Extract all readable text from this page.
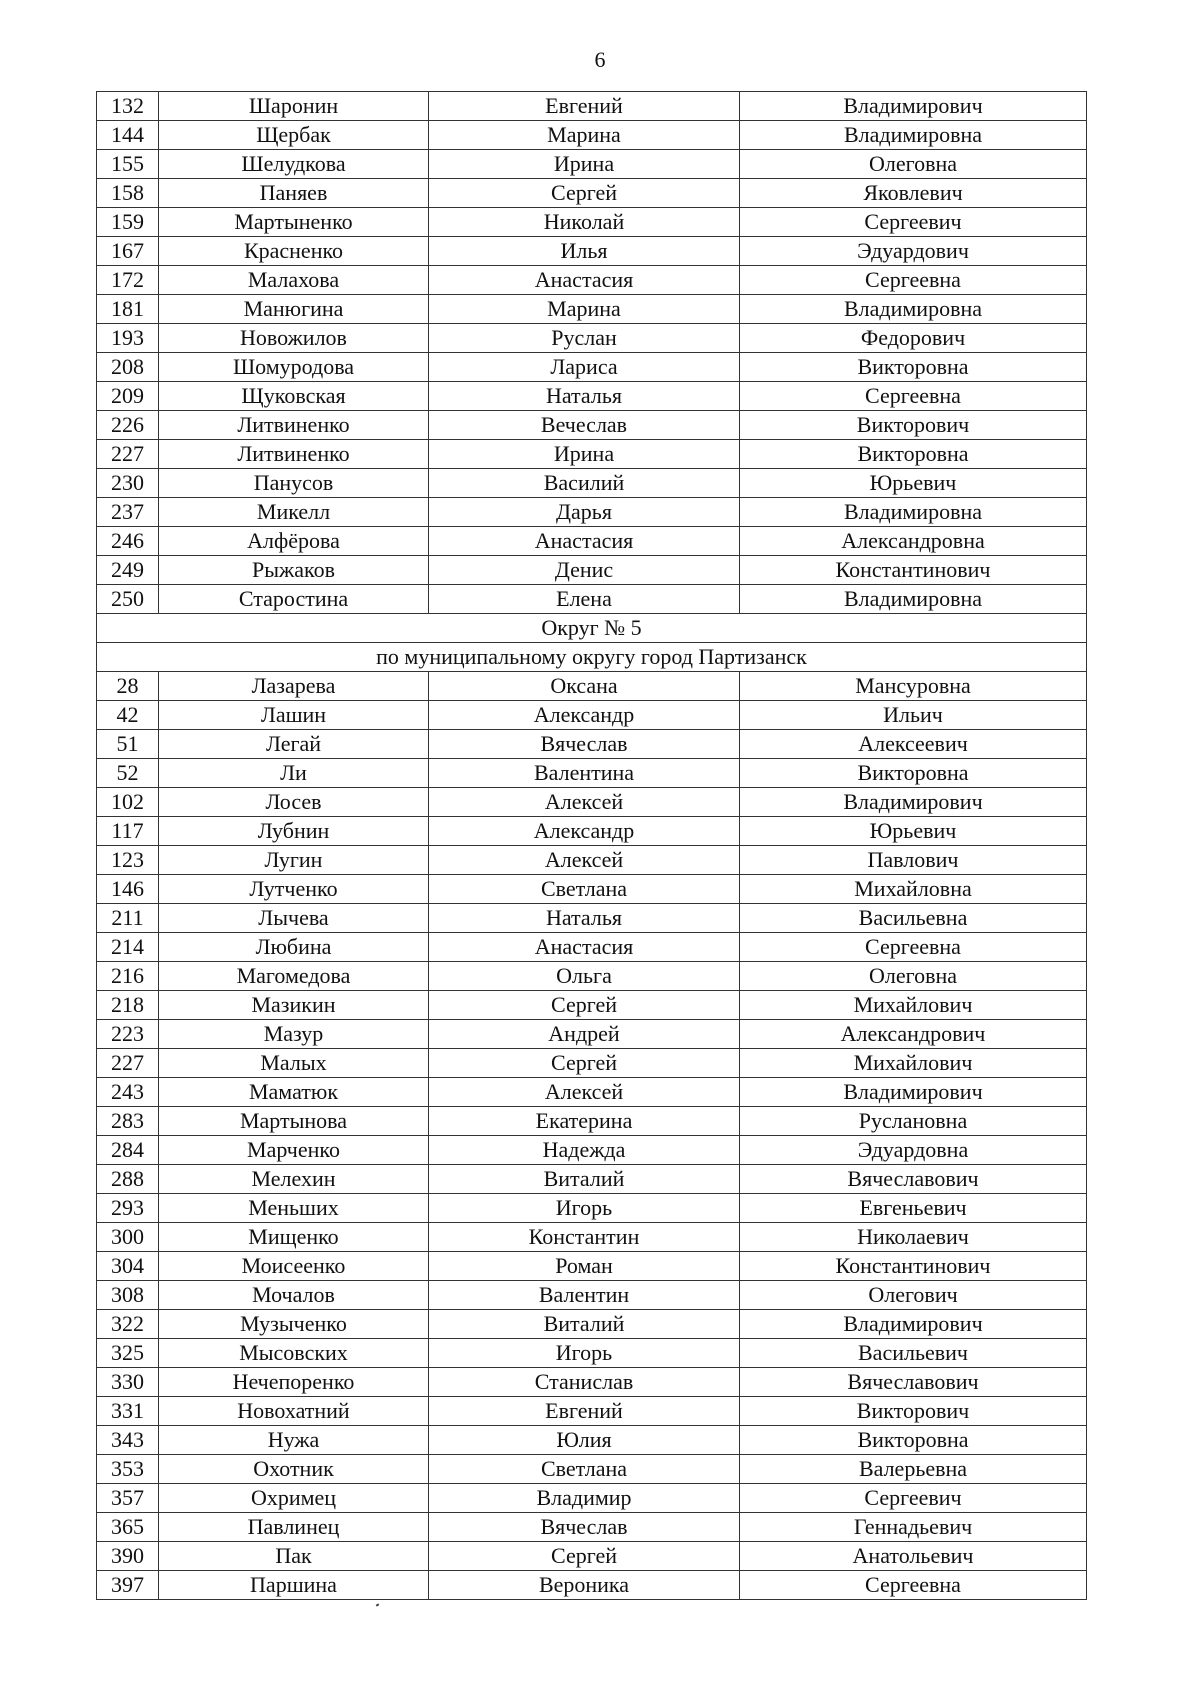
6
132	Шаронин	Евгений	Владимирович
144	Щербак	Марина	Владимировна
155	Шелудкова	Ирина	Олеговна
158	Паняев	Сергей	Яковлевич
159	Мартыненко	Николай	Сергеевич
167	Красненко	Илья	Эдуардович
172	Малахова	Анастасия	Сергеевна
181	Манюгина	Марина	Владимировна
193	Новожилов	Руслан	Федорович
208	Шомуродова	Лариса	Викторовна
209	Щуковская	Наталья	Сергеевна
226	Литвиненко	Вечеслав	Викторович
227	Литвиненко	Ирина	Викторовна
230	Панусов	Василий	Юрьевич
237	Микелл	Дарья	Владимировна
246	Алфёрова	Анастасия	Александровна
249	Рыжаков	Денис	Константинович
250	Старостина	Елена	Владимировна
Округ № 5			
по муниципальному округу город Партизанск			
28	Лазарева	Оксана	Мансуровна
42	Лашин	Александр	Ильич
51	Легай	Вячеслав	Алексеевич
52	Ли	Валентина	Викторовна
102	Лосев	Алексей	Владимирович
117	Лубнин	Александр	Юрьевич
123	Лугин	Алексей	Павлович
146	Лутченко	Светлана	Михайловна
211	Лычева	Наталья	Васильевна
214	Любина	Анастасия	Сергеевна
216	Магомедова	Ольга	Олеговна
218	Мазикин	Сергей	Михайлович
223	Мазур	Андрей	Александрович
227	Малых	Сергей	Михайлович
243	Маматюк	Алексей	Владимирович
283	Мартынова	Екатерина	Руслановна
284	Марченко	Надежда	Эдуардовна
288	Мелехин	Виталий	Вячеславович
293	Меньших	Игорь	Евгеньевич
300	Мищенко	Константин	Николаевич
304	Моисеенко	Роман	Константинович
308	Мочалов	Валентин	Олегович
322	Музыченко	Виталий	Владимирович
325	Мысовских	Игорь	Васильевич
330	Нечепоренко	Станислав	Вячеславович
331	Новохатний	Евгений	Викторович
343	Нужа	Юлия	Викторовна
353	Охотник	Светлана	Валерьевна
357	Охримец	Владимир	Сергеевич
365	Павлинец	Вячеслав	Геннадьевич
390	Пак	Сергей	Анатольевич
397	Паршина	Вероника	Сергеевна
